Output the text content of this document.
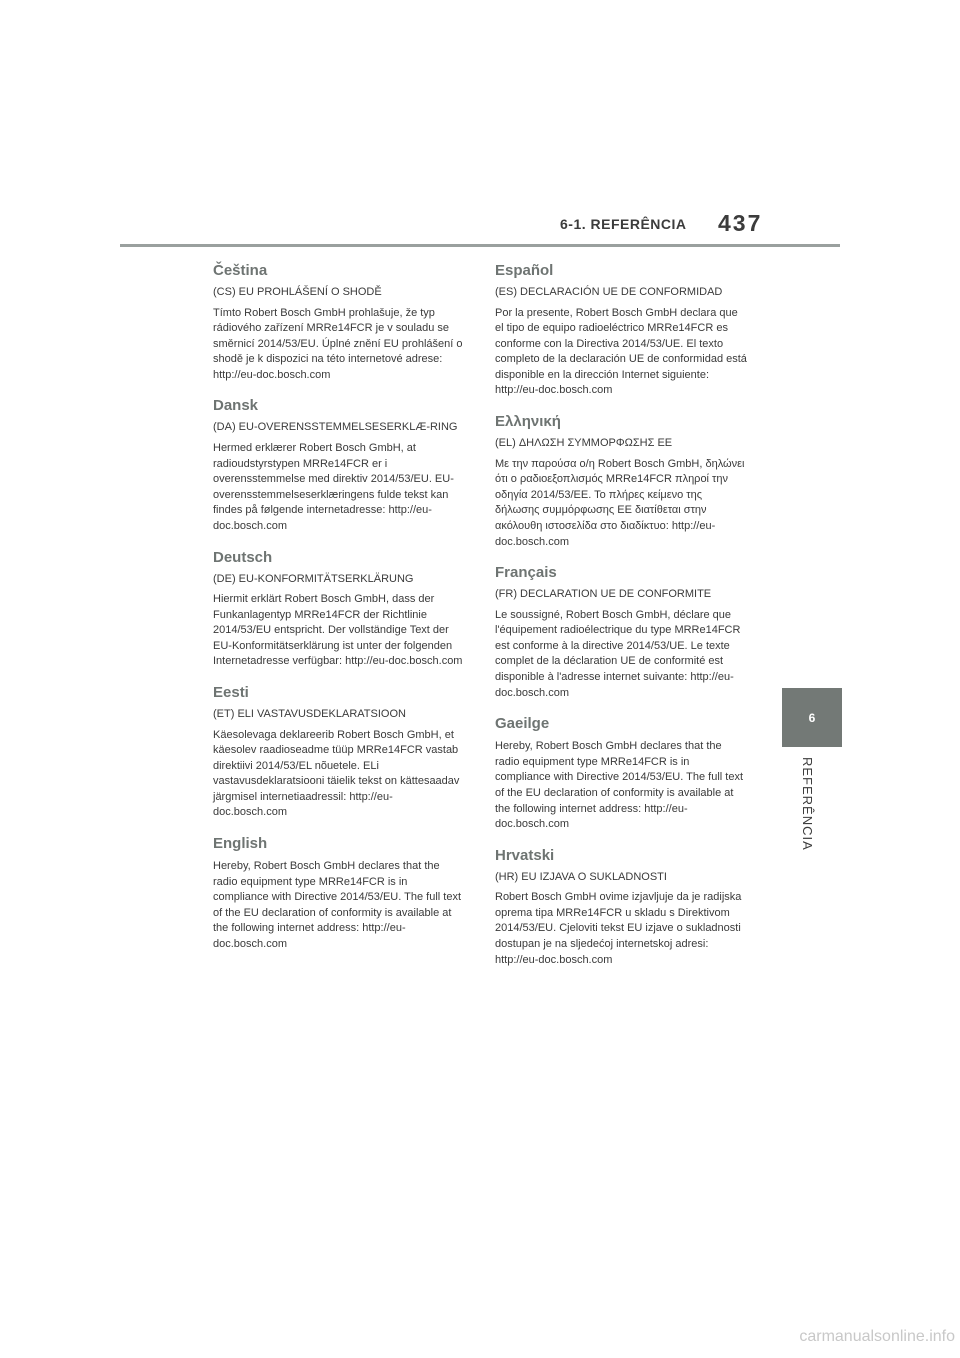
6-1. REFERÊNCIA	437
Čeština

(CS) EU PROHLÁŠENÍ O SHODĚ

Tímto Robert Bosch GmbH prohlašuje, že typ rádiového zařízení MRRe14FCR je v souladu se směrnicí 2014/53/EU. Úplné znění EU prohlášení o shodě je k dispozici na této internetové adrese: http://eu-doc.bosch.com

Dansk

(DA) EU-OVERENSSTEMMELSESERKLÆ-RING

Hermed erklærer Robert Bosch GmbH, at radioudstyrstypen MRRe14FCR er i overensstemmelse med direktiv 2014/53/EU. EU-overensstemmelseserklæringens fulde tekst kan findes på følgende internetadresse: http://eu-doc.bosch.com

Deutsch

(DE) EU-KONFORMITÄTSERKLÄRUNG

Hiermit erklärt Robert Bosch GmbH, dass der Funkanlagentyp MRRe14FCR der Richtlinie 2014/53/EU entspricht. Der vollständige Text der EU-Konformitätserklärung ist unter der folgenden Internetadresse verfügbar: http://eu-doc.bosch.com

Eesti

(ET) ELI VASTAVUSDEKLARATSIOON

Käesolevaga deklareerib Robert Bosch GmbH, et käesolev raadioseadme tüüp MRRe14FCR vastab direktiivi 2014/53/EL nõuetele. ELi vastavusdeklaratsiooni täielik tekst on kättesaadav järgmisel internetiaadressil: http://eu-doc.bosch.com

English

Hereby, Robert Bosch GmbH declares that the radio equipment type MRRe14FCR is in compliance with Directive 2014/53/EU. The full text of the EU declaration of conformity is available at the following internet address: http://eu-doc.bosch.com

Español

(ES) DECLARACIÓN UE DE CONFORMIDAD

Por la presente, Robert Bosch GmbH declara que el tipo de equipo radioeléctrico MRRe14FCR es conforme con la Directiva 2014/53/UE. El texto completo de la declaración UE de conformidad está disponible en la dirección Internet siguiente: http://eu-doc.bosch.com

Ελληνική

(EL) ΔΗΛΩΣΗ ΣΥΜΜΟΡΦΩΣΗΣ ΕΕ

Με την παρούσα ο/η Robert Bosch GmbH, δηλώνει ότι ο ραδιοεξοπλισμός MRRe14FCR πληροί την οδηγία 2014/53/ΕΕ. Το πλήρες κείμενο της δήλωσης συμμόρφωσης ΕΕ διατίθεται στην ακόλουθη ιστοσελίδα στο διαδίκτυο: http://eu-doc.bosch.com

Français

(FR) DECLARATION UE DE CONFORMITE

Le soussigné, Robert Bosch GmbH, déclare que l'équipement radioélectrique du type MRRe14FCR est conforme à la directive 2014/53/UE. Le texte complet de la déclaration UE de conformité est disponible à l'adresse internet suivante: http://eu-doc.bosch.com

Gaeilge

Hereby, Robert Bosch GmbH declares that the radio equipment type MRRe14FCR is in compliance with Directive 2014/53/EU. The full text of the EU declaration of conformity is available at the following internet address: http://eu-doc.bosch.com

Hrvatski

(HR) EU IZJAVA O SUKLADNOSTI

Robert Bosch GmbH ovime izjavljuje da je radijska oprema tipa MRRe14FCR u skladu s Direktivom 2014/53/EU. Cjeloviti tekst EU izjave o sukladnosti dostupan je na sljedećoj internetskoj adresi: http://eu-doc.bosch.com

6
REFERÊNCIA
carmanualsonline.info
